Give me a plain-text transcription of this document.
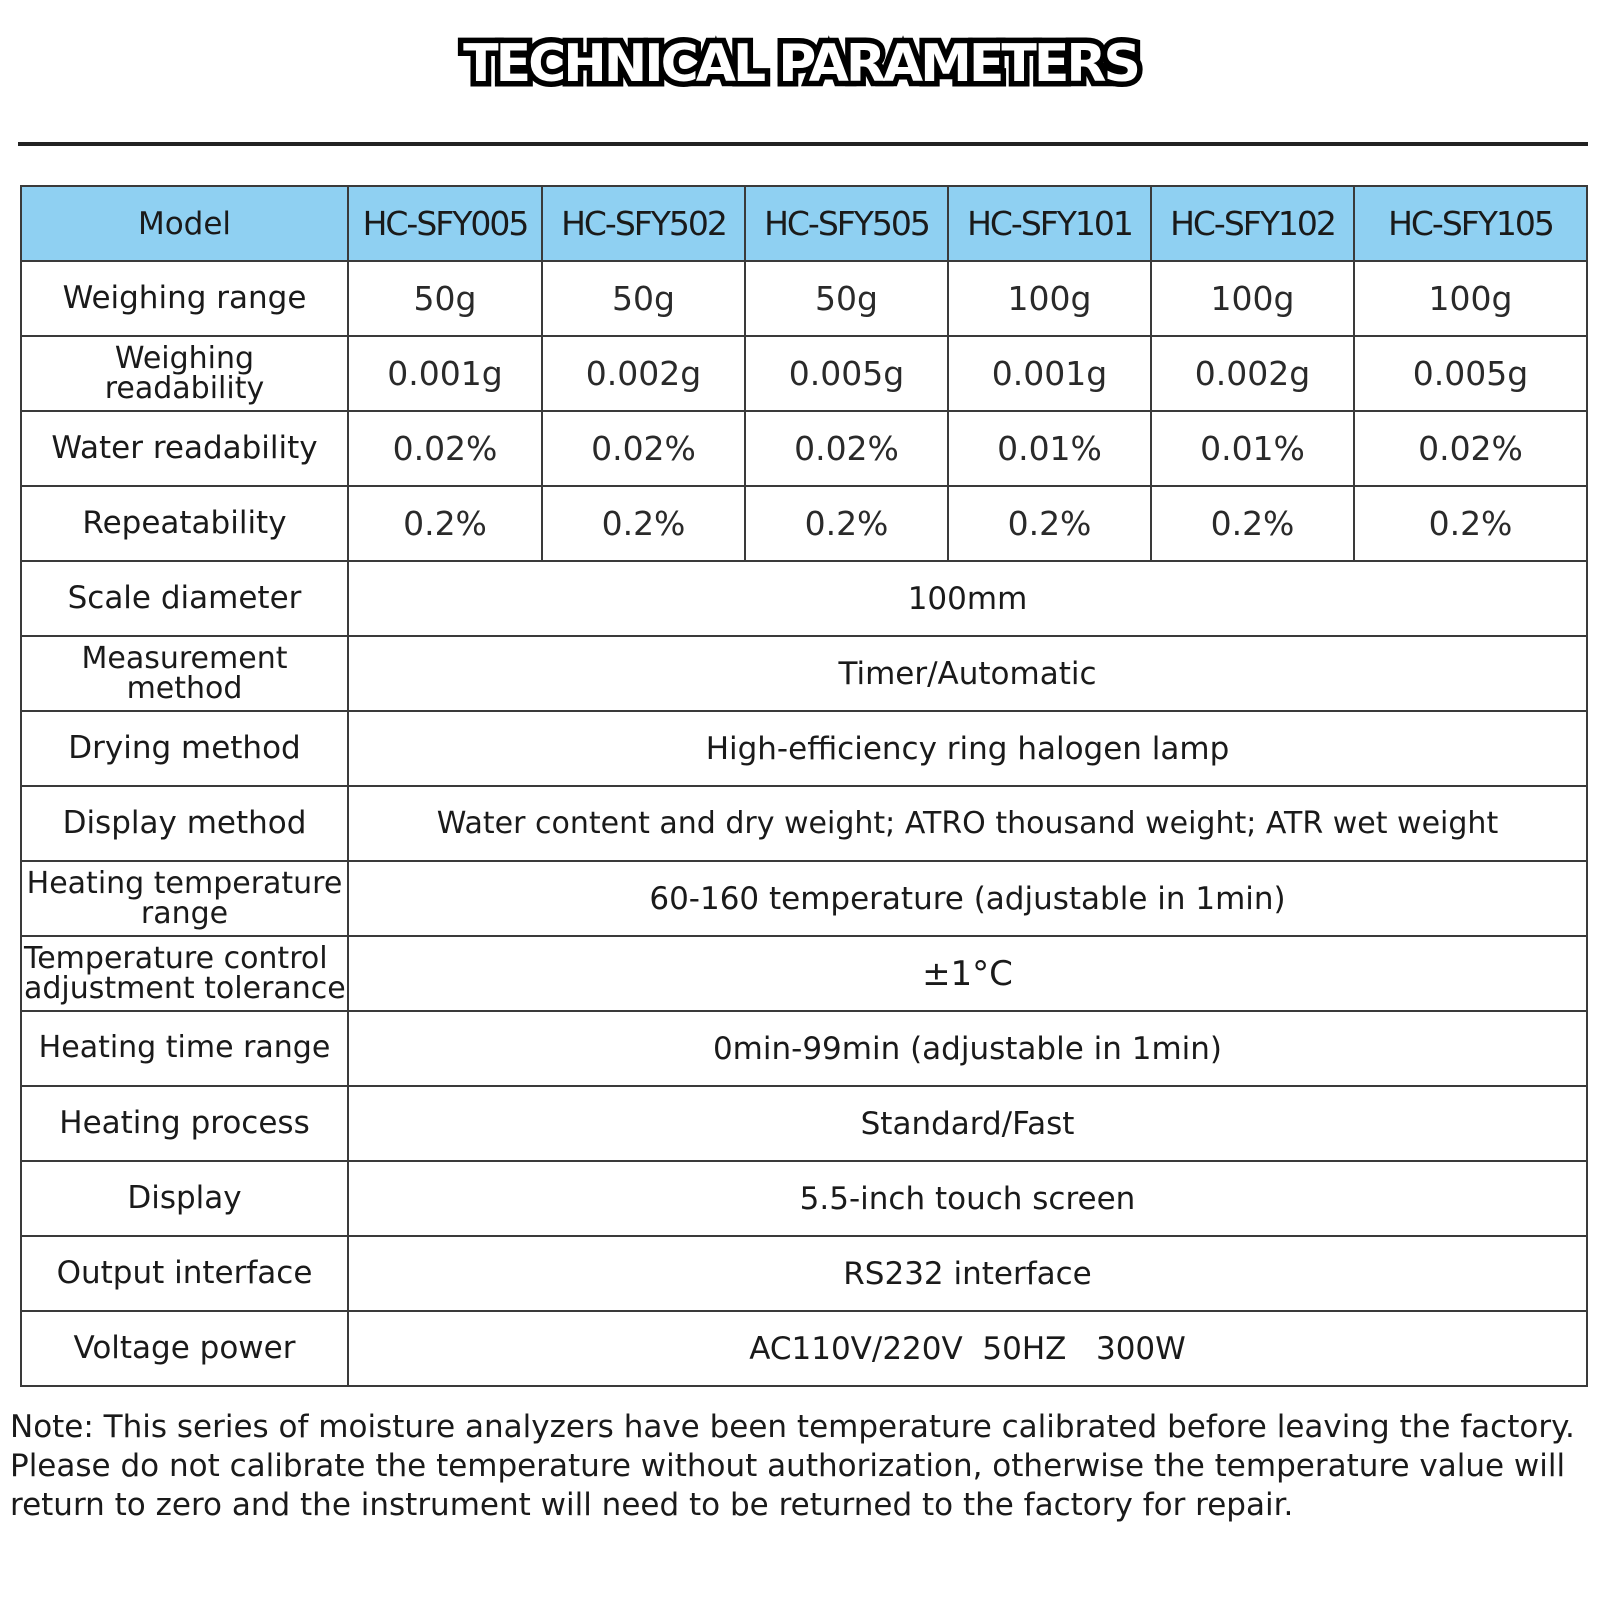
TECHNICAL PARAMETERS
Model	HC-SFY005	HC-SFY502	HC-SFY505	HC-SFY101	HC-SFY102	HC-SFY105
Weighing range	50g	50g	50g	100g	100g	100g
Weighing readability	0.001g	0.002g	0.005g	0.001g	0.002g	0.005g
Water readability	0.02%	0.02%	0.02%	0.01%	0.01%	0.02%
Repeatability	0.2%	0.2%	0.2%	0.2%	0.2%	0.2%
Scale diameter	100mm					
Measurement method	Timer/Automatic					
Drying method	High-efficiency ring halogen lamp					
Display method	Water content and dry weight; ATRO thousand weight; ATR wet weight					
Heating temperature range	60-160 temperature (adjustable in 1min)					
Temperature control adjustment tolerance	±1°C					
Heating time range	0min-99min (adjustable in 1min)					
Heating process	Standard/Fast					
Display	5.5-inch touch screen					
Output interface	RS232 interface					
Voltage power	AC110V/220V  50HZ   300W					
Note: This series of moisture analyzers have been temperature calibrated before leaving the factory. Please do not calibrate the temperature without authorization, otherwise the temperature value will return to zero and the instrument will need to be returned to the factory for repair.
